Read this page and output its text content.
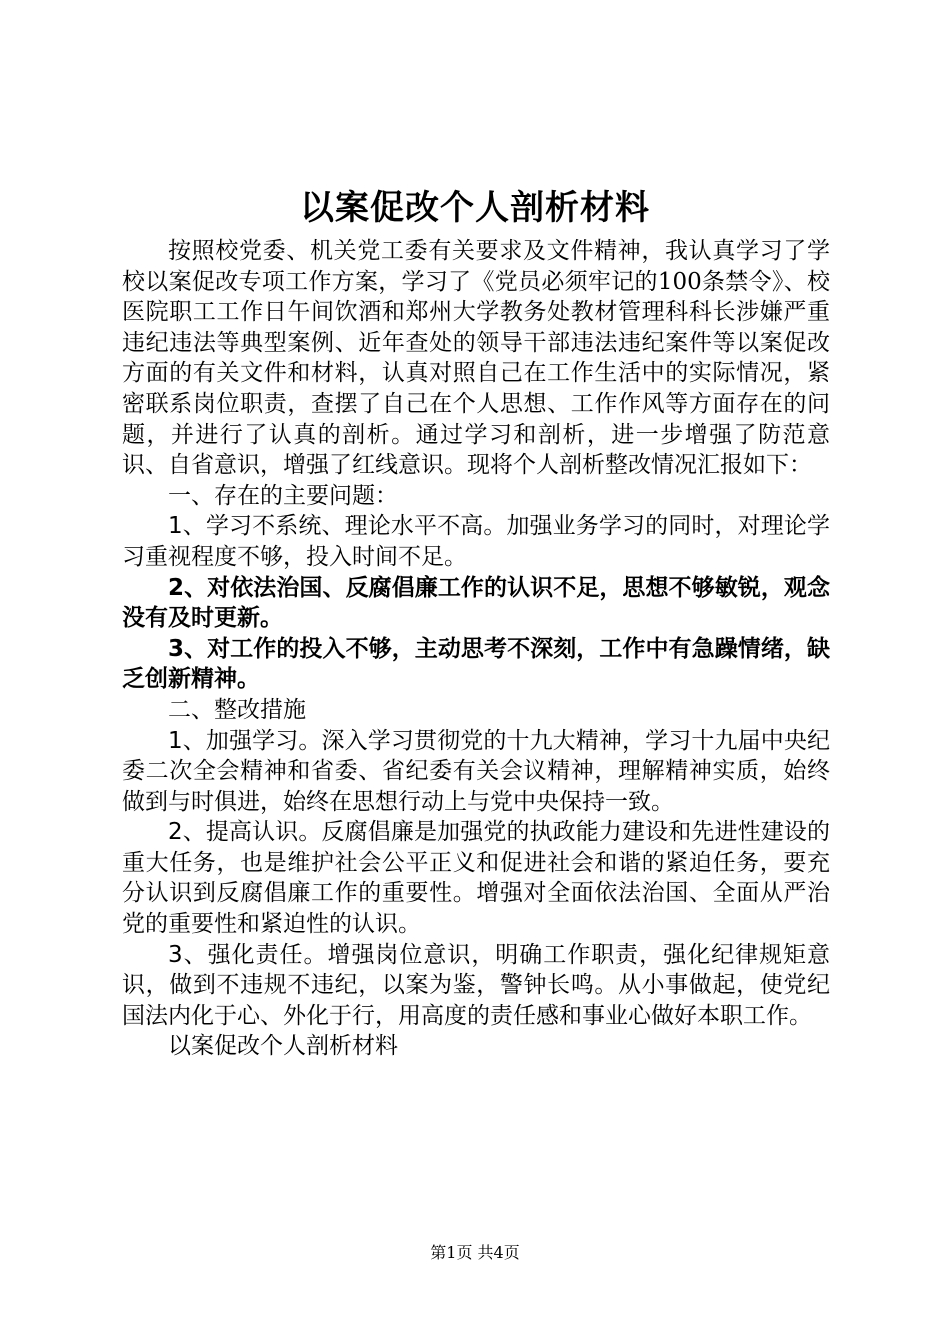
以案促改个人剖析材料

按照校党委、机关党工委有关要求及文件精神，我认真学习了学校以案促改专项工作方案，学习了《党员必须牢记的100条禁令》、校医院职工工作日午间饮酒和郑州大学教务处教材管理科科长涉嫌严重违纪违法等典型案例、近年查处的领导干部违法违纪案件等以案促改方面的有关文件和材料，认真对照自己在工作生活中的实际情况，紧密联系岗位职责，查摆了自己在个人思想、工作作风等方面存在的问题，并进行了认真的剖析。通过学习和剖析，进一步增强了防范意识、自省意识，增强了红线意识。现将个人剖析整改情况汇报如下：

一、存在的主要问题：

1、学习不系统、理论水平不高。加强业务学习的同时，对理论学习重视程度不够，投入时间不足。

2、对依法治国、反腐倡廉工作的认识不足，思想不够敏锐，观念没有及时更新。

3、对工作的投入不够，主动思考不深刻，工作中有急躁情绪，缺乏创新精神。

二、整改措施

1、加强学习。深入学习贯彻党的十九大精神，学习十九届中央纪委二次全会精神和省委、省纪委有关会议精神，理解精神实质，始终做到与时俱进，始终在思想行动上与党中央保持一致。

2、提高认识。反腐倡廉是加强党的执政能力建设和先进性建设的重大任务，也是维护社会公平正义和促进社会和谐的紧迫任务，要充分认识到反腐倡廉工作的重要性。增强对全面依法治国、全面从严治党的重要性和紧迫性的认识。

3、强化责任。增强岗位意识，明确工作职责，强化纪律规矩意识，做到不违规不违纪，以案为鉴，警钟长鸣。从小事做起，使党纪国法内化于心、外化于行，用高度的责任感和事业心做好本职工作。

以案促改个人剖析材料

第1页 共4页
